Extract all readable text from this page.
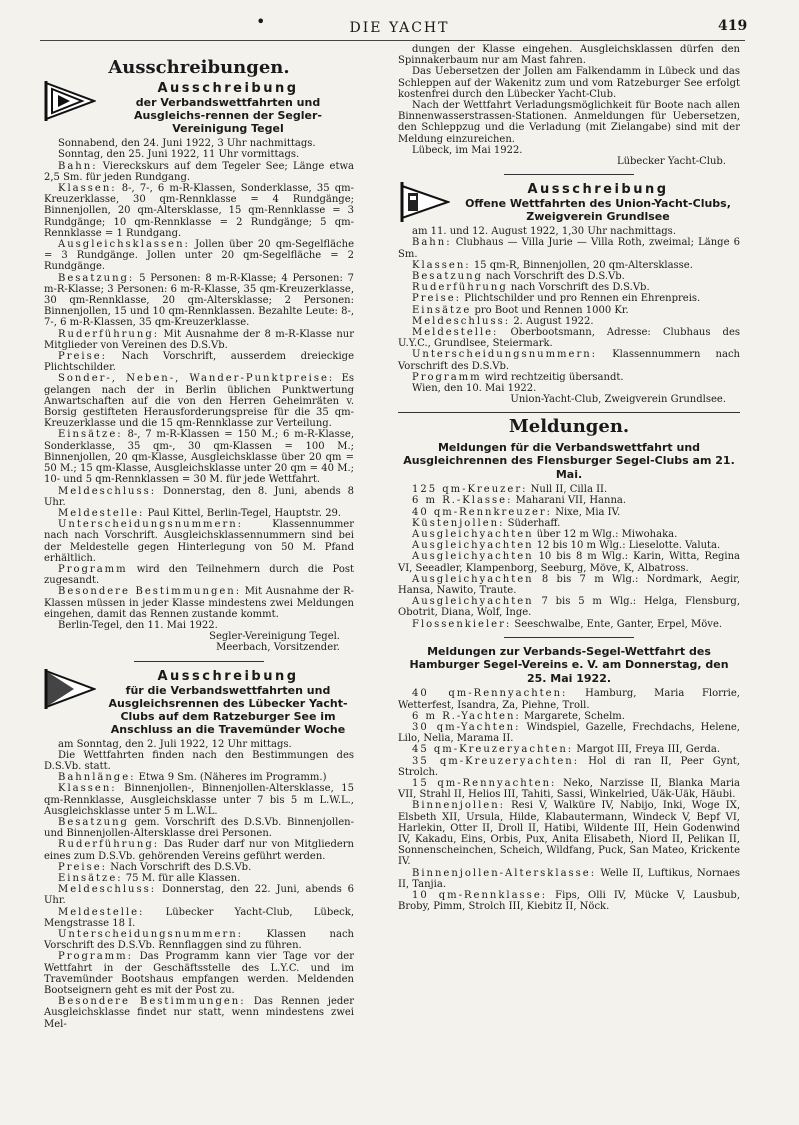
•	DIE YACHT	419
Ausschreibungen.
Ausschreibung
der Verbandswettfahrten und Ausgleichs-rennen der Segler-Vereinigung Tegel

Sonnabend, den 24. Juni 1922, 3 Uhr nachmittags.

Sonntag, den 25. Juni 1922, 11 Uhr vormittags.

Bahn: Viereckskurs auf dem Tegeler See; Länge etwa 2,5 Sm. für jeden Rundgang.

Klassen: 8-, 7-, 6 m-R-Klassen, Sonderklasse, 35 qm-Kreuzerklasse, 30 qm-Rennklasse = 4 Rundgänge; Binnenjollen, 20 qm-Altersklasse, 15 qm-Rennklasse = 3 Rundgänge; 10 qm-Rennklasse = 2 Rundgänge; 5 qm-Rennklasse = 1 Rundgang.

Ausgleichsklassen: Jollen über 20 qm-Segelfläche = 3 Rundgänge. Jollen unter 20 qm-Segelfläche = 2 Rundgänge.

Besatzung: 5 Personen: 8 m-R-Klasse; 4 Personen: 7 m-R-Klasse; 3 Personen: 6 m-R-Klasse, 35 qm-Kreuzerklasse, 30 qm-Rennklasse, 20 qm-Altersklasse; 2 Personen: Binnenjollen, 15 und 10 qm-Rennklassen. Bezahlte Leute: 8-, 7-, 6 m-R-Klassen, 35 qm-Kreuzerklasse.

Ruderführung: Mit Ausnahme der 8 m-R-Klasse nur Mitglieder von Vereinen des D.S.Vb.

Preise: Nach Vorschrift, ausserdem dreieckige Plichtschilder.

Sonder-, Neben-, Wander-Punktpreise: Es gelangen nach der in Berlin üblichen Punktwertung Anwartschaften auf die von den Herren Geheimräten v. Borsig gestifteten Herausforderungspreise für die 35 qm-Kreuzerklasse und die 15 qm-Rennklasse zur Verteilung.

Einsätze: 8-, 7 m-R-Klassen = 150 M.; 6 m-R-Klasse, Sonderklasse, 35 qm-, 30 qm-Klassen = 100 M.; Binnenjollen, 20 qm-Klasse, Ausgleichsklasse über 20 qm = 50 M.; 15 qm-Klasse, Ausgleichsklasse unter 20 qm = 40 M.; 10- und 5 qm-Rennklassen = 30 M. für jede Wettfahrt.

Meldeschluss: Donnerstag, den 8. Juni, abends 8 Uhr.

Meldestelle: Paul Kittel, Berlin-Tegel, Hauptstr. 29.

Unterscheidungsnummern:	Klassennummer nach nach Vorschrift. Ausgleichsklassennummern sind bei der Meldestelle gegen Hinterlegung von 50 M. Pfand erhältlich.

Programm wird den Teilnehmern durch die Post zugesandt.

Besondere Bestimmungen: Mit Ausnahme der R-Klassen müssen in jeder Klasse mindestens zwei Meldungen eingehen, damit das Rennen zustande kommt.

Berlin-Tegel, den 11. Mai 1922.

Segler-Vereinigung Tegel.

Meerbach, Vorsitzender.

Ausschreibung
für die Verbandswettfahrten und Ausgleichsrennen des Lübecker Yacht-Clubs auf dem Ratzeburger See im Anschluss an die Travemünder Woche

am Sonntag, den 2. Juli 1922, 12 Uhr mittags.

Die Wettfahrten finden nach den Bestimmungen des D.S.Vb. statt.

Bahnlänge: Etwa 9 Sm. (Näheres im Programm.)

Klassen: Binnenjollen-, Binnenjollen-Altersklasse, 15 qm-Rennklasse, Ausgleichsklasse unter 7 bis 5 m L.W.L., Ausgleichsklasse unter 5 m L.W.L.

Besatzung gem. Vorschrift des D.S.Vb. Binnenjollen- und Binnenjollen-Altersklasse drei Personen.

Ruderführung: Das Ruder darf nur von Mitgliedern eines zum D.S.Vb. gehörenden Vereins geführt werden.

Preise: Nach Vorschrift des D.S.Vb.

Einsätze: 75 M. für alle Klassen.

Meldeschluss: Donnerstag, den 22. Juni, abends 6 Uhr.

Meldestelle: Lübecker Yacht-Club, Lübeck, Mengstrasse 18 I.

Unterscheidungsnummern: Klassen nach Vorschrift des D.S.Vb. Rennflaggen sind zu führen.

Programm: Das Programm kann vier Tage vor der Wettfahrt in der Geschäftsstelle des L.Y.C. und im Travemünder Bootshaus empfangen werden. Meldenden Bootseignern geht es mit der Post zu.

Besondere Bestimmungen: Das Rennen jeder Ausgleichsklasse findet nur statt, wenn mindestens zwei Mel-

dungen der Klasse eingehen. Ausgleichsklassen dürfen den Spinnakerbaum nur am Mast fahren.

Das Uebersetzen der Jollen am Falkendamm in Lübeck und das Schleppen auf der Wakenitz zum und vom Ratzeburger See erfolgt kostenfrei durch den Lübecker Yacht-Club.

Nach der Wettfahrt Verladungsmöglichkeit für Boote nach allen Binnenwasserstrassen-Stationen. Anmeldungen für Uebersetzen, den Schleppzug und die Verladung (mit Zielangabe) sind mit der Meldung einzureichen.

Lübeck, im Mai 1922.

Lübecker Yacht-Club.

Ausschreibung
Offene Wettfahrten des Union-Yacht-Clubs, Zweigverein Grundlsee

am 11. und 12. August 1922, 1,30 Uhr nachmittags.

Bahn: Clubhaus — Villa Jurie — Villa Roth, zweimal; Länge 6 Sm.

Klassen: 15 qm-R, Binnenjollen, 20 qm-Altersklasse.

Besatzung nach Vorschrift des D.S.Vb.

Ruderführung nach Vorschrift des D.S.Vb.

Preise: Plichtschilder und pro Rennen ein Ehrenpreis.

Einsätze pro Boot und Rennen 1000 Kr.

Meldeschluss: 2. August 1922.

Meldestelle: Oberbootsmann, Adresse: Clubhaus des U.Y.C., Grundlsee, Steiermark.

Unterscheidungsnummern: Klassennummern nach Vorschrift des D.S.Vb.

Programm wird rechtzeitig übersandt.

Wien, den 10. Mai 1922.

Union-Yacht-Club, Zweigverein Grundlsee.

Meldungen.
Meldungen für die Verbandswettfahrt und Ausgleichrennen des Flensburger Segel-Clubs am 21. Mai.

125 qm-Kreuzer: Null II, Cilla II.

6 m R.-Klasse: Maharani VII, Hanna.

40 qm-Rennkreuzer: Nixe, Mia IV.

Küstenjollen: Süderhaff.

Ausgleichyachten über 12 m Wlg.: Miwohaka.

Ausgleichyachten 12 bis 10 m Wlg.: Lieselotte. Valuta.

Ausgleichyachten 10 bis 8 m Wlg.: Karin, Witta, Regina VI, Seeadler, Klampenborg, Seeburg, Möve, K, Albatross.

Ausgleichyachten 8 bis 7 m Wlg.: Nordmark, Aegir, Hansa, Nawito, Traute.

Ausgleichyachten 7 bis 5 m Wlg.: Helga, Flensburg, Obotrit, Diana, Wolf, Inge.

Flossenkieler: Seeschwalbe, Ente, Ganter, Erpel, Möve.

Meldungen zur Verbands-Segel-Wettfahrt des Hamburger Segel-Vereins e. V. am Donnerstag, den 25. Mai 1922.

40 qm-Rennyachten: Hamburg, Maria Florrie, Wetterfest, Isandra, Za, Piehne, Troll.

6 m R.-Yachten: Margarete, Schelm.

30 qm-Yachten: Windspiel, Gazelle, Frechdachs, Helene, Lilo, Nelia, Marama II.

45 qm-Kreuzeryachten: Margot III, Freya III, Gerda.

35 qm-Kreuzeryachten: Hol di ran II, Peer Gynt, Strolch.

15 qm-Rennyachten: Neko, Narzisse II, Blanka Maria VII, Strahl II, Helios III, Tahiti, Sassi, Winkelried, Uäk-Uäk, Häubi.

Binnenjollen: Resi V, Walküre IV, Nabijo, Inki, Woge IX, Elsbeth XII, Ursula, Hilde, Klabautermann, Windeck V, Bepf VI, Harlekin, Otter II, Droll II, Hatibi, Wildente III, Hein Godenwind IV, Kakadu, Eins, Orbis, Pux, Anita Elisabeth, Niord II, Pelikan II, Sonnenscheinchen, Scheich, Wildfang, Puck, San Mateo, Krickente IV.

Binnenjollen-Altersklasse: Welle II, Luftikus, Nornaes II, Tanjia.

10 qm-Rennklasse: Fips, Olli IV, Mücke V, Lausbub, Broby, Pimm, Strolch III, Kiebitz II, Nöck.
